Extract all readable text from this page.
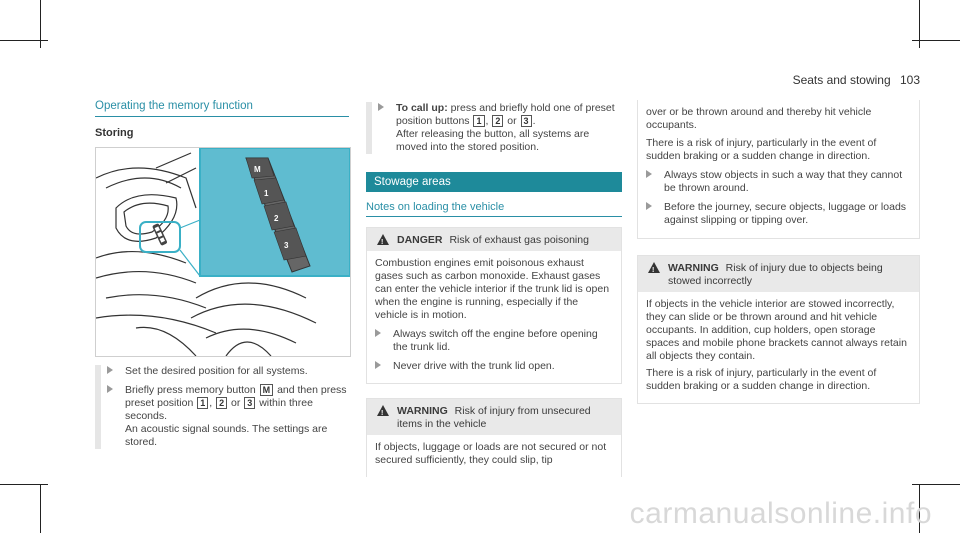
Seats and stowing 103
Operating the memory function
Storing
M
1
2
3

Set the desired position for all systems.

Briefly press memory button M and then press preset position 1 , 2 or 3 within three seconds.
An acoustic signal sounds. The settings are stored.

To call up: press and briefly hold one of preset position buttons 1 , 2 or 3 .
After releasing the button, all systems are moved into the stored position.

Stowage areas
Notes on loading the vehicle
!
DANGER Risk of exhaust gas poisoning

Combustion engines emit poisonous exhaust gases such as carbon monoxide. Exhaust gases can enter the vehicle interior if the trunk lid is open when the engine is running, especially if the vehicle is in motion.

Always switch off the engine before opening the trunk lid.

Never drive with the trunk lid open.

!
WARNING Risk of injury from unsecured items in the vehicle

If objects, luggage or loads are not secured or not secured sufficiently, they could slip, tip

over or be thrown around and thereby hit vehicle occupants.

There is a risk of injury, particularly in the event of sudden braking or a sudden change in direction.

Always stow objects in such a way that they cannot be thrown around.

Before the journey, secure objects, luggage or loads against slipping or tipping over.

!
WARNING Risk of injury due to objects being stowed incorrectly

If objects in the vehicle interior are stowed incorrectly, they can slide or be thrown around and hit vehicle occupants. In addition, cup holders, open storage spaces and mobile phone brackets cannot always retain all objects they contain.

There is a risk of injury, particularly in the event of sudden braking or a sudden change in direction.

carmanualsonline.info
